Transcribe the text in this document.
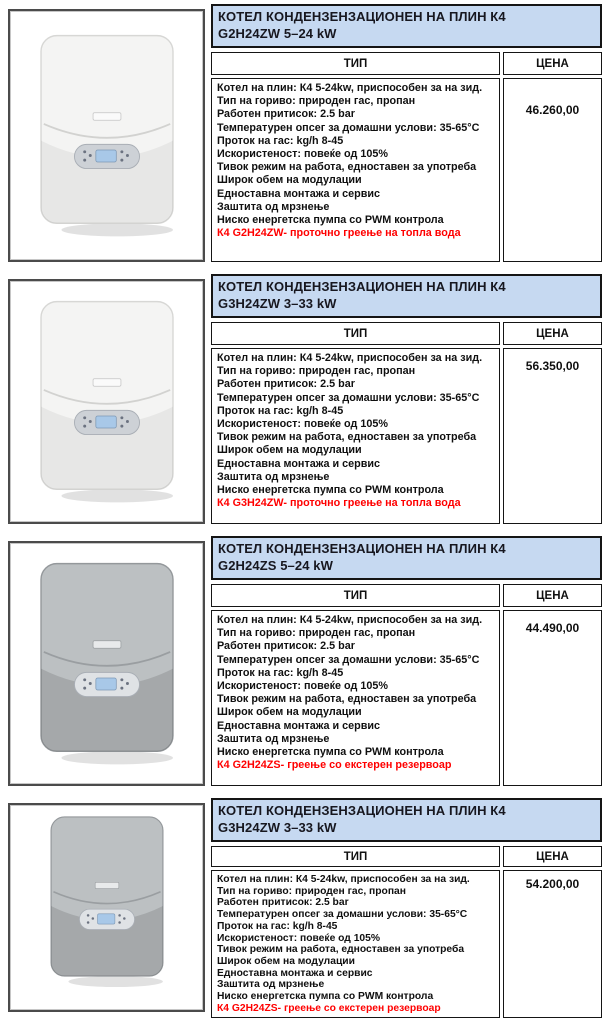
КОТЕЛ КОНДЕНЗЕНЗАЦИОНЕН НА ПЛИН К4
G2H24ZW 5–24 kW
ТИП	ЦЕНА
Котел на плин: К4 5-24kw, приспособен за на зид.
Тип на гориво: природен гас, пропан
Работен притисок: 2.5 bar
Температурен опсег за домашни услови: 35-65°C
Проток на гас: kg/h 8-45
Искористеност: повеќе од 105%
Тивок режим на работа, едноставен за употреба
Широк обем на модулации
Едноставна монтажа и сервис
Заштита од мрзнење
Ниско енергетска пумпа со PWM контрола
К4 G2H24ZW- проточно греење на топла вода
46.260,00
КОТЕЛ КОНДЕНЗЕНЗАЦИОНЕН НА ПЛИН К4
G3H24ZW 3–33 kW
ТИП	ЦЕНА
Котел на плин: К4 5-24kw, приспособен за на зид.
Тип на гориво: природен гас, пропан
Работен притисок: 2.5 bar
Температурен опсег за домашни услови: 35-65°C
Проток на гас: kg/h 8-45
Искористеност: повеќе од 105%
Тивок режим на работа, едноставен за употреба
Широк обем на модулации
Едноставна монтажа и сервис
Заштита од мрзнење
Ниско енергетска пумпа со PWM контрола
К4 G3H24ZW- проточно греење на топла вода
56.350,00
КОТЕЛ КОНДЕНЗЕНЗАЦИОНЕН НА ПЛИН К4
G2H24ZS 5–24 kW
ТИП	ЦЕНА
Котел на плин: К4 5-24kw, приспособен за на зид.
Тип на гориво: природен гас, пропан
Работен притисок: 2.5 bar
Температурен опсег за домашни услови: 35-65°C
Проток на гас: kg/h 8-45
Искористеност: повеќе од 105%
Тивок режим на работа, едноставен за употреба
Широк обем на модулации
Едноставна монтажа и сервис
Заштита од мрзнење
Ниско енергетска пумпа со PWM контрола
К4 G2H24ZS- греење со екстерен резервоар
44.490,00
КОТЕЛ КОНДЕНЗЕНЗАЦИОНЕН НА ПЛИН К4
G3H24ZW 3–33 kW
ТИП	ЦЕНА
Котел на плин: К4 5-24kw, приспособен за на зид.
Тип на гориво: природен гас, пропан
Работен притисок: 2.5 bar
Температурен опсег за домашни услови: 35-65°C
Проток на гас: kg/h 8-45
Искористеност: повеќе од 105%
Тивок режим на работа, едноставен за употреба
Широк обем на модулации
Едноставна монтажа и сервис
Заштита од мрзнење
Ниско енергетска пумпа со PWM контрола
К4 G2H24ZS- греење со екстерен резервоар
54.200,00
